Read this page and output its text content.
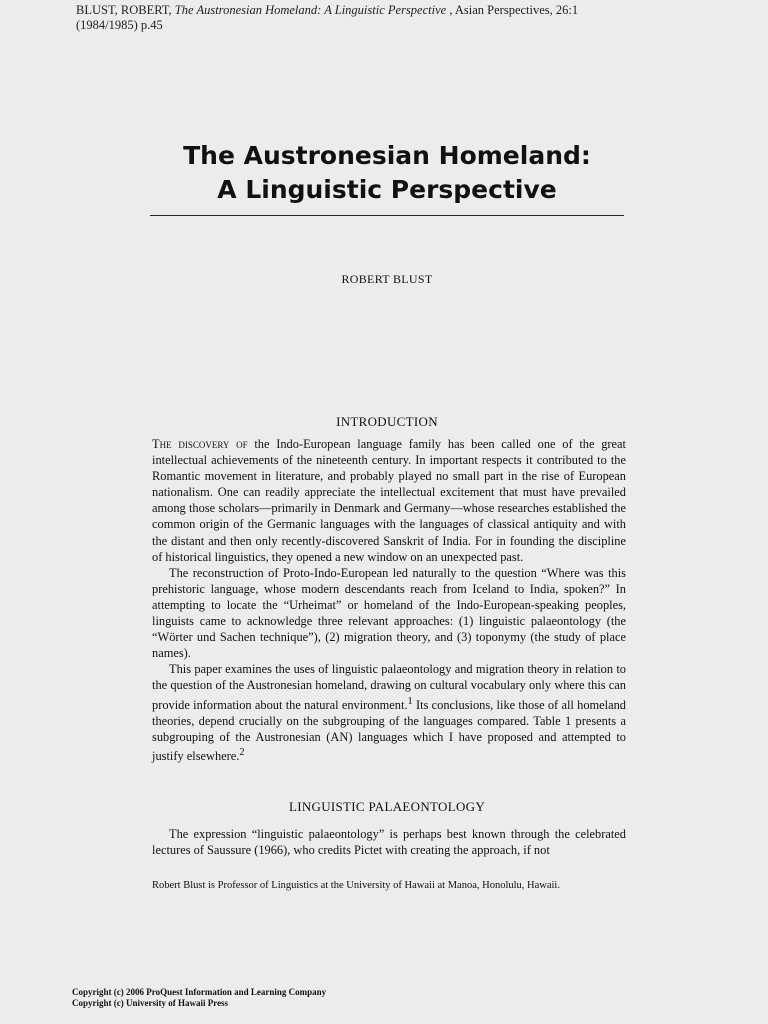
BLUST, ROBERT, The Austronesian Homeland: A Linguistic Perspective , Asian Perspectives, 26:1 (1984/1985) p.45
The Austronesian Homeland:
A Linguistic Perspective
ROBERT BLUST
INTRODUCTION

The discovery of the Indo-European language family has been called one of the great intellectual achievements of the nineteenth century. In important respects it contributed to the Romantic movement in literature, and probably played no small part in the rise of European nationalism. One can readily appreciate the intellectual excitement that must have prevailed among those scholars—primarily in Denmark and Germany—whose researches established the common origin of the Germanic languages with the languages of classical antiquity and with the distant and then only recently-discovered Sanskrit of India. For in founding the discipline of historical linguistics, they opened a new window on an unexpected past.

The reconstruction of Proto-Indo-European led naturally to the question “Where was this prehistoric language, whose modern descendants reach from Iceland to India, spoken?” In attempting to locate the “Urheimat” or homeland of the Indo-European-speaking peoples, linguists came to acknowledge three relevant approaches: (1) linguistic palaeontology (the “Wörter und Sachen technique”), (2) migration theory, and (3) toponymy (the study of place names).

This paper examines the uses of linguistic palaeontology and migration theory in relation to the question of the Austronesian homeland, drawing on cultural vocabulary only where this can provide information about the natural environment.$^1$ Its conclusions, like those of all homeland theories, depend crucially on the subgrouping of the languages compared. Table 1 presents a subgrouping of the Austronesian (AN) languages which I have proposed and attempted to justify elsewhere.$^2$

LINGUISTIC PALAEONTOLOGY

The expression “linguistic palaeontology” is perhaps best known through the celebrated lectures of Saussure (1966), who credits Pictet with creating the approach, if not

Robert Blust is Professor of Linguistics at the University of Hawaii at Manoa, Honolulu, Hawaii.
Copyright (c) 2006 ProQuest Information and Learning Company
Copyright (c) University of Hawaii Press
